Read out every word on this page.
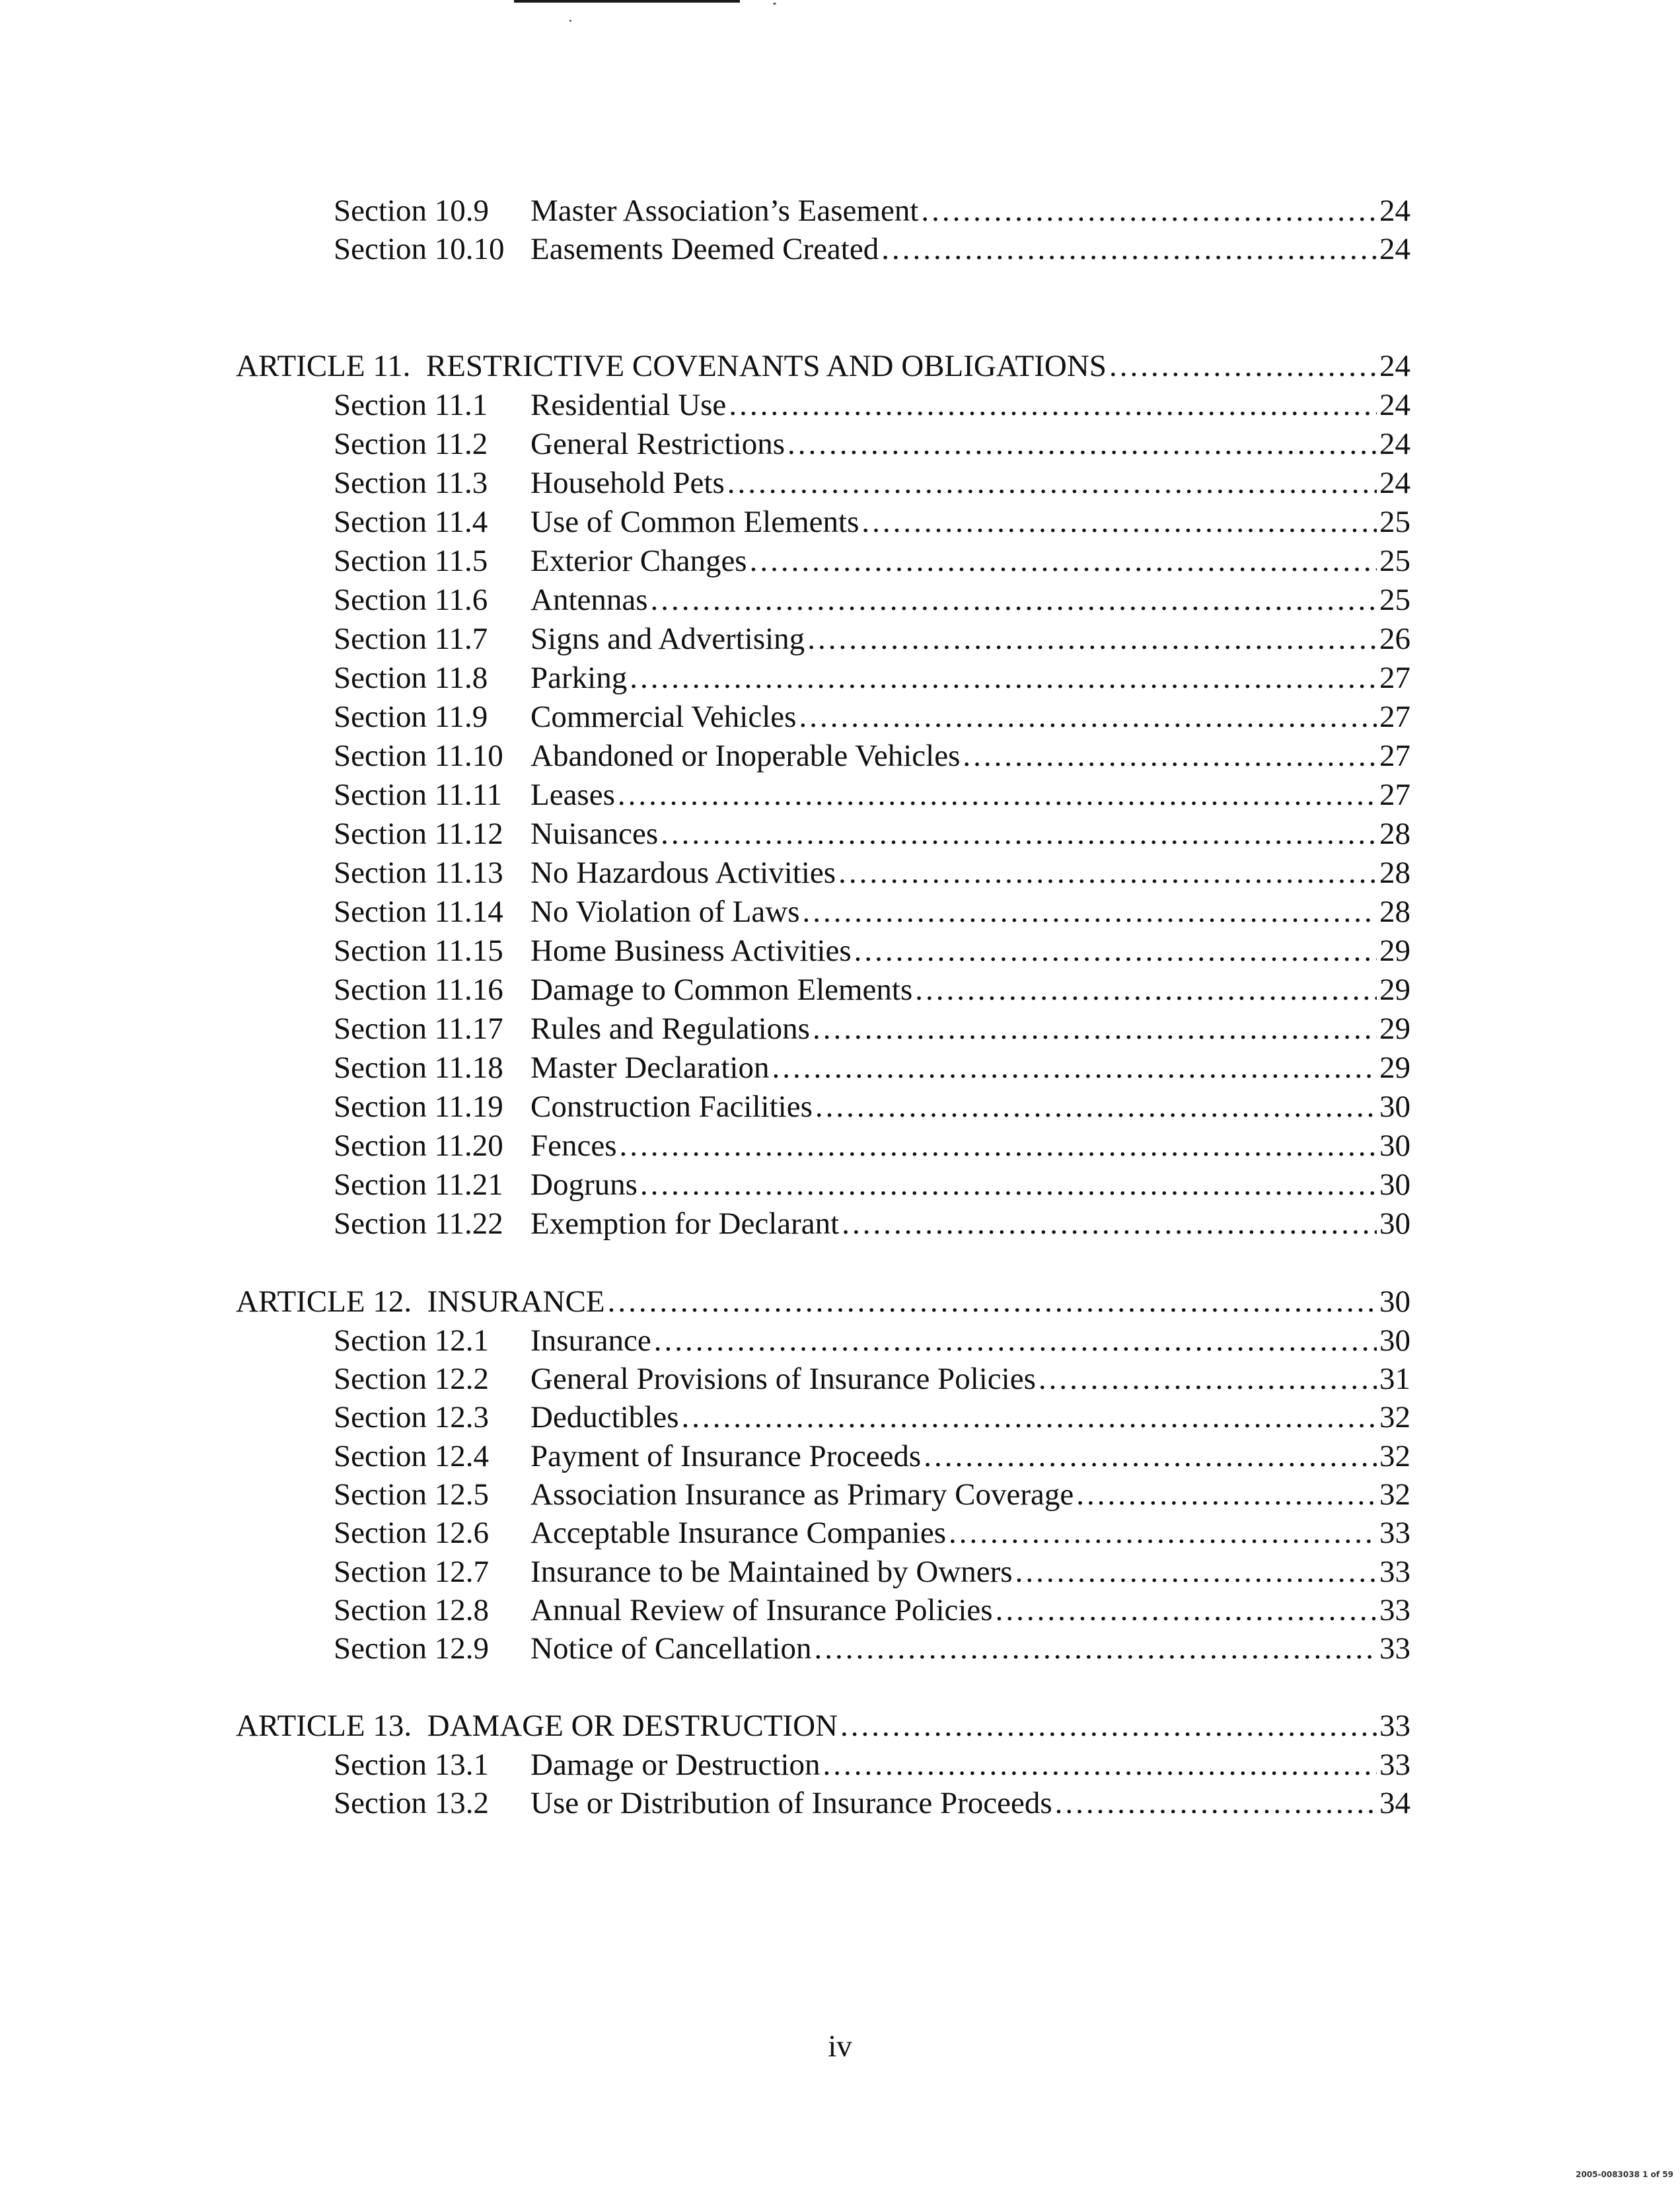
Section 10.9	Master Association’s Easement .....	24
Section 10.10 Easements Deemed Created .....	24
ARTICLE 11.  RESTRICTIVE COVENANTS AND OBLIGATIONS .....	24
Section 11.1	Residential Use .....	24
Section 11.2	General Restrictions .....	24
Section 11.3	Household Pets .....	24
Section 11.4	Use of Common Elements .....	25
Section 11.5	Exterior Changes .....	25
Section 11.6	Antennas .....	25
Section 11.7	Signs and Advertising .....	26
Section 11.8	Parking .....	27
Section 11.9	Commercial Vehicles .....	27
Section 11.10 Abandoned or Inoperable Vehicles .....	27
Section 11.11 Leases .....	27
Section 11.12 Nuisances .....	28
Section 11.13 No Hazardous Activities .....	28
Section 11.14 No Violation of Laws .....	28
Section 11.15 Home Business Activities .....	29
Section 11.16 Damage to Common Elements .....	29
Section 11.17 Rules and Regulations .....	29
Section 11.18 Master Declaration .....	29
Section 11.19 Construction Facilities .....	30
Section 11.20 Fences .....	30
Section 11.21 Dogruns .....	30
Section 11.22 Exemption for Declarant .....	30
ARTICLE 12.  INSURANCE .....	30
Section 12.1	Insurance .....	30
Section 12.2	General Provisions of Insurance Policies .....	31
Section 12.3	Deductibles .....	32
Section 12.4	Payment of Insurance Proceeds .....	32
Section 12.5	Association Insurance as Primary Coverage .....	32
Section 12.6	Acceptable Insurance Companies .....	33
Section 12.7	Insurance to be Maintained by Owners .....	33
Section 12.8	Annual Review of Insurance Policies .....	33
Section 12.9	Notice of Cancellation .....	33
ARTICLE 13.  DAMAGE OR DESTRUCTION .....	33
Section 13.1	Damage or Destruction .....	33
Section 13.2	Use or Distribution of Insurance Proceeds .....	34
iv
2005-0083038 1 of 59
